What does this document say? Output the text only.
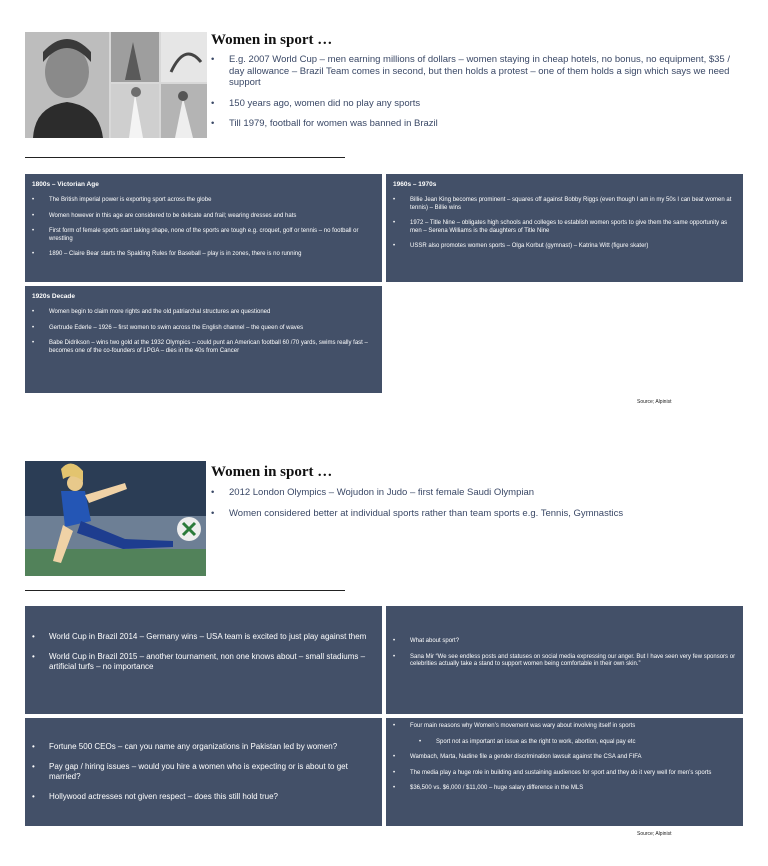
Women in sport …
• E.g. 2007 World Cup – men earning millions of dollars – women staying in cheap hotels, no bonus, no equipment, $35 / day allowance – Brazil Team comes in second, but then holds a protest – one of them holds a sign which says we need support
• 150 years ago, women did no play any sports
• Till 1979, football for women was banned in Brazil
1800s – Victorian Age
• The British imperial power is exporting sport across the globe
• Women however in this age are considered to be delicate and frail; wearing dresses and hats
• First form of female sports start taking shape, none of the sports are tough e.g. croquet, golf or tennis – no football or wrestling
• 1890 – Claire Bear starts the Spalding Rules for Baseball – play is in zones, there is no running
1960s – 1970s
• Billie Jean King becomes prominent – squares off against Bobby Riggs (even though I am in my 50s I can beat women at tennis) – Billie wins
• 1972 – Title Nine – obligates high schools and colleges to establish women sports to give them the same opportunity as men – Serena Williams is the daughters of Title Nine
• USSR also promotes women sports – Olga Korbut (gymnast) – Katrina Witt (figure skater)
1920s Decade
• Women begin to claim more rights and the old patriarchal structures are questioned
• Gertrude Ederle – 1926 – first women to swim across the English channel – the queen of waves
• Babe Didrikson – wins two gold at the 1932 Olympics – could punt an American football 60 /70 yards, swims really fast – becomes one of the co-founders of LPGA – dies in the 40s from Cancer
Source; Alpinist
Women in sport …
• 2012 London Olympics – Wojudon in Judo – first female Saudi Olympian
• Women considered better at individual sports rather than team sports e.g. Tennis, Gymnastics
• World Cup in Brazil 2014 – Germany wins – USA team is excited to just play against them
• World Cup in Brazil 2015 – another tournament, non one knows about – small stadiums – artificial turfs – no importance
• What about sport?
• Sana Mir “We see endless posts and statuses on social media expressing our anger. But I have seen very few sponsors or celebrities actually take a stand to support women being comfortable in their own skin.”
• Fortune 500 CEOs – can you name any organizations in Pakistan led by women?
• Pay gap / hiring issues – would you hire a women who is expecting or is about to get married?
• Hollywood actresses not given respect – does this still hold true?
• Four main reasons why Women’s movement was wary about involving itself in sports
• Sport not as important an issue as the right to work, abortion, equal pay etc
• Wambach, Marta, Nadine file a gender discrimination lawsuit against the CSA and FIFA
• The media play a huge role in building and sustaining audiences for sport and they do it very well for men’s sports
• $36,500 vs. $6,000 / $11,000 – huge salary difference in the MLS
Source; Alpinist
